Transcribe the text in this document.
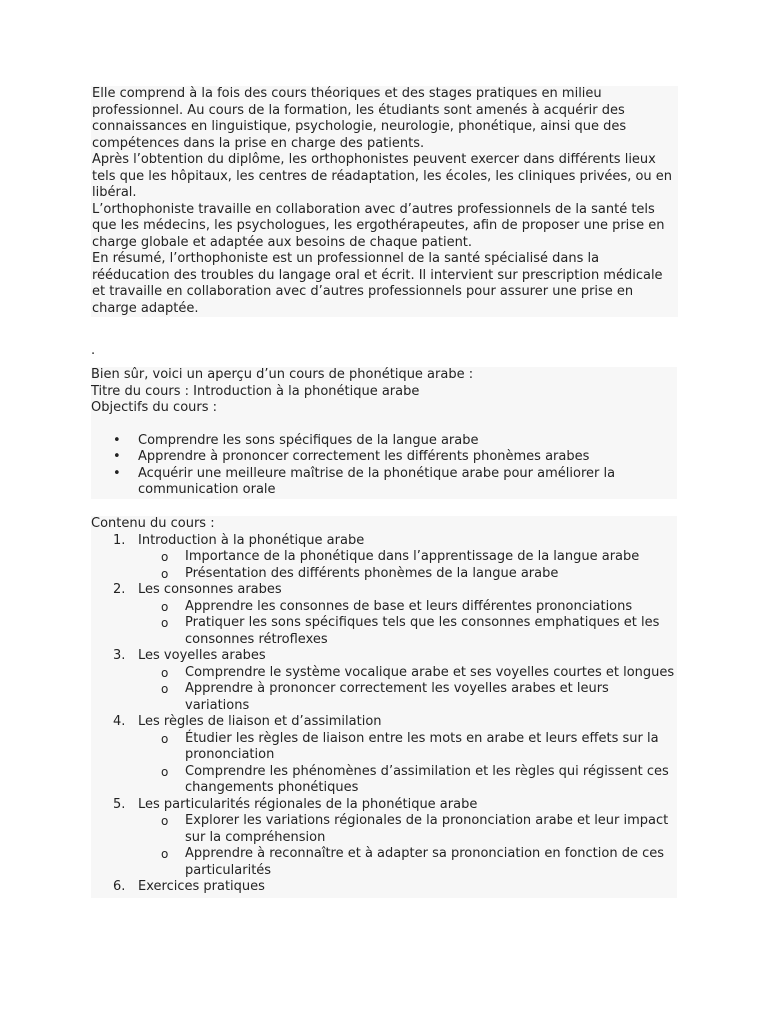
Elle comprend à la fois des cours théoriques et des stages pratiques en milieu professionnel. Au cours de la formation, les étudiants sont amenés à acquérir des connaissances en linguistique, psychologie, neurologie, phonétique, ainsi que des compétences dans la prise en charge des patients.

Après l’obtention du diplôme, les orthophonistes peuvent exercer dans différents lieux tels que les hôpitaux, les centres de réadaptation, les écoles, les cliniques privées, ou en libéral.

L’orthophoniste travaille en collaboration avec d’autres professionnels de la santé tels que les médecins, les psychologues, les ergothérapeutes, afin de proposer une prise en charge globale et adaptée aux besoins de chaque patient.

En résumé, l’orthophoniste est un professionnel de la santé spécialisé dans la rééducation des troubles du langage oral et écrit. Il intervient sur prescription médicale et travaille en collaboration avec d’autres professionnels pour assurer une prise en charge adaptée.

.

Bien sûr, voici un aperçu d’un cours de phonétique arabe :

Titre du cours : Introduction à la phonétique arabe

Objectifs du cours :

• Comprendre les sons spécifiques de la langue arabe
• Apprendre à prononcer correctement les différents phonèmes arabes
• Acquérir une meilleure maîtrise de la phonétique arabe pour améliorer la communication orale

Contenu du cours :

1. Introduction à la phonétique arabe
o Importance de la phonétique dans l’apprentissage de la langue arabe
o Présentation des différents phonèmes de la langue arabe
2. Les consonnes arabes
o Apprendre les consonnes de base et leurs différentes prononciations
o Pratiquer les sons spécifiques tels que les consonnes emphatiques et les consonnes rétroflexes
3. Les voyelles arabes
o Comprendre le système vocalique arabe et ses voyelles courtes et longues
o Apprendre à prononcer correctement les voyelles arabes et leurs variations
4. Les règles de liaison et d’assimilation
o Étudier les règles de liaison entre les mots en arabe et leurs effets sur la prononciation
o Comprendre les phénomènes d’assimilation et les règles qui régissent ces changements phonétiques
5. Les particularités régionales de la phonétique arabe
o Explorer les variations régionales de la prononciation arabe et leur impact sur la compréhension
o Apprendre à reconnaître et à adapter sa prononciation en fonction de ces particularités
6. Exercices pratiques
